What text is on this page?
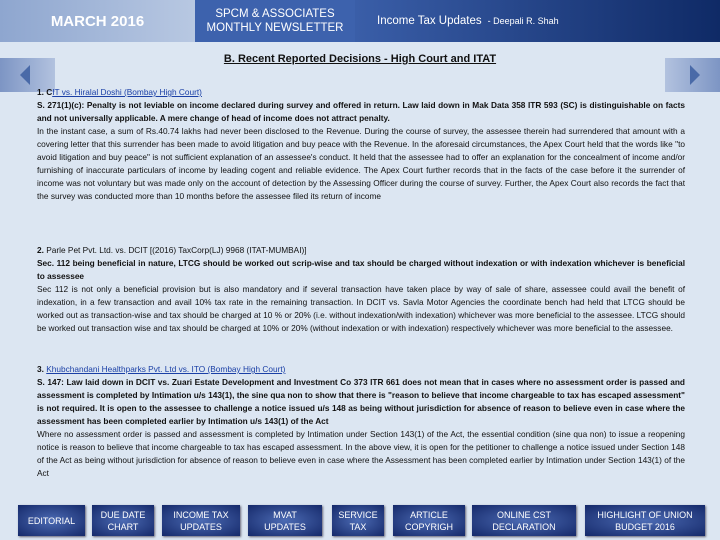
MARCH 2016	SPCM & ASSOCIATES
MONTHLY NEWSLETTER
Income Tax Updates - Deepali R. Shah
B. Recent Reported Decisions - High Court and ITAT

1. CIT vs. Hiralal Doshi (Bombay High Court)

S. 271(1)(c): Penalty is not leviable on income declared during survey and offered in return. Law laid down in Mak Data 358 ITR 593 (SC) is distinguishable on facts and not universally applicable. A mere change of head of income does not attract penalty.

In the instant case, a sum of Rs.40.74 lakhs had never been disclosed to the Revenue. During the course of survey, the assessee therein had surrendered that amount with a covering letter that this surrender has been made to avoid litigation and buy peace with the Revenue. In the aforesaid circumstances, the Apex Court held that the words like "to avoid litigation and buy peace" is not sufficient explanation of an assessee's conduct. It held that the assessee had to offer an explanation for the concealment of income and/or furnishing of inaccurate particulars of income by leading cogent and reliable evidence. The Apex Court further records that in the facts of the case before it the surrender of income was not voluntary but was made only on the account of detection by the Assessing Officer during the course of survey. Further, the Apex Court also records the fact that the survey was conducted more than 10 months before the assessee filed its return of income

2. Parle Pet Pvt. Ltd. vs. DCIT [(2016) TaxCorp(LJ) 9968 (ITAT-MUMBAI)]

Sec. 112 being beneficial in nature, LTCG should be worked out scrip-wise and tax should be charged without indexation or with indexation whichever is beneficial to assessee

Sec 112 is not only a beneficial provision but is also mandatory and if several transaction have taken place by way of sale of share, assessee could avail the benefit of indexation, in a few transaction and avail 10% tax rate in the remaining transaction. In DCIT vs. Savla Motor Agencies the coordinate bench had held that LTCG should be worked out as transaction-wise and tax should be charged at 10 % or 20% (i.e. without indexation/with indexation) whichever was more beneficial to the assessee. LTCG should be worked out transaction wise and tax should be charged at 10% or 20% (without indexation or with indexation) respectively whichever was more beneficial to the assessee.

3. Khubchandani Healthparks Pvt. Ltd vs. ITO (Bombay High Court)

S. 147: Law laid down in DCIT vs. Zuari Estate Development and Investment Co 373 ITR 661 does not mean that in cases where no assessment order is passed and assessment is completed by Intimation u/s 143(1), the sine qua non to show that there is "reason to believe that income chargeable to tax has escaped assessment" is not required. It is open to the assessee to challenge a notice issued u/s 148 as being without jurisdiction for absence of reason to believe even in case where the assessment has been completed earlier by Intimation u/s 143(1) of the Act

Where no assessment order is passed and assessment is completed by Intimation under Section 143(1) of the Act, the essential condition (sine qua non) to issue a reopening notice is reason to believe that income chargeable to tax has escaped assessment. In the above view, it is open for the petitioner to challenge a notice issued under Section 148 of the Act as being without jurisdiction for absence of reason to believe even in case where the Assessment has been completed earlier by Intimation under Section 143(1) of the Act

EDITORIAL
DUE DATE CHART
INCOME TAX UPDATES
MVAT UPDATES
SERVICE TAX
ARTICLE COPYRIGH
ONLINE CST DECLARATION
HIGHLIGHT OF UNION BUDGET 2016
